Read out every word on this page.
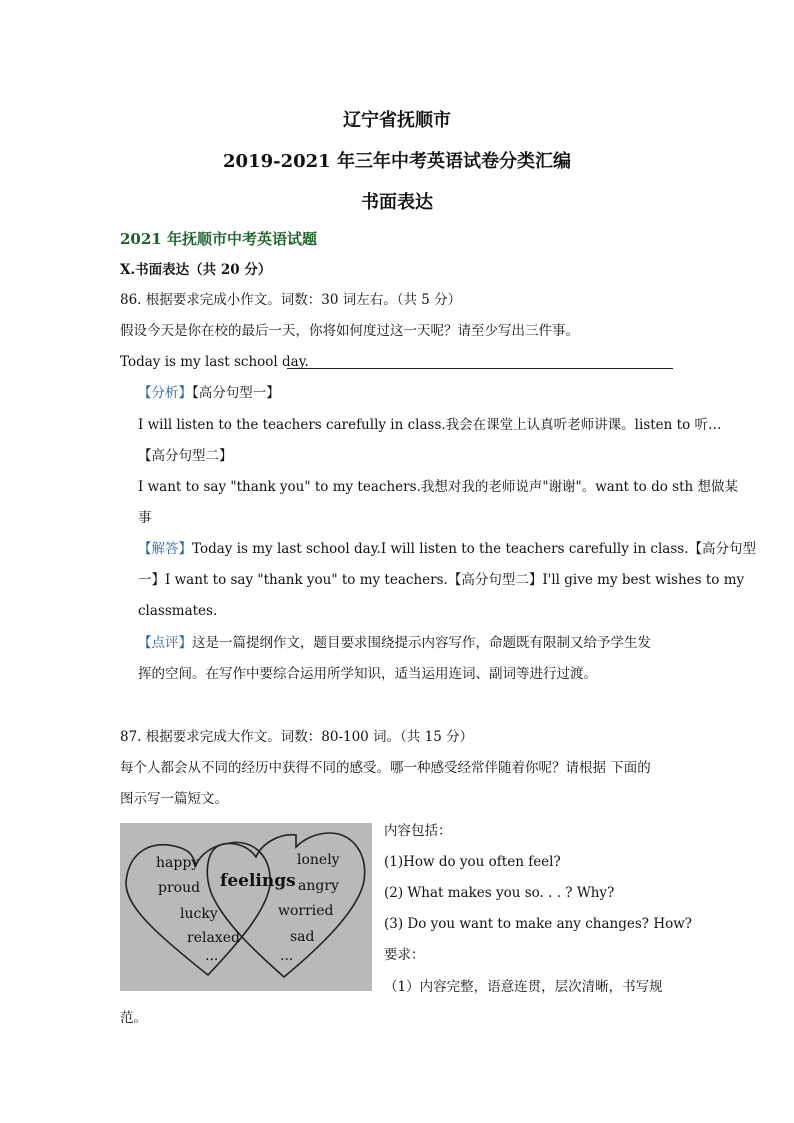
辽宁省抚顺市
2019-2021 年三年中考英语试卷分类汇编
书面表达
2021 年抚顺市中考英语试题
X.书面表达（共 20 分）
86. 根据要求完成小作文。词数：30 词左右。（共 5 分）
假设今天是你在校的最后一天，你将如何度过这一天呢？请至少写出三件事。
Today is my last school day.
【分析】【高分句型一】
I will listen to the teachers carefully in class.我会在课堂上认真听老师讲课。listen to 听…
【高分句型二】
I want to say "thank you" to my teachers.我想对我的老师说声"谢谢"。want to do sth 想做某
事
【解答】Today is my last school day.I will listen to the teachers carefully in class.【高分句型
一】I want to say "thank you" to my teachers.【高分句型二】I'll give my best wishes to my
classmates.
【点评】这是一篇提纲作文，题目要求围绕提示内容写作，命题既有限制又给予学生发
挥的空间。在写作中要综合运用所学知识，适当运用连词、副词等进行过渡。
87. 根据要求完成大作文。词数：80-100 词。（共 15 分）
每个人都会从不同的经历中获得不同的感受。哪一种感受经常伴随着你呢？请根据 下面的
图示写一篇短文。
feelings
happy
proud
lucky
relaxed
...
lonely
angry
worried
sad
...
内容包括：
(1)How do you often feel?
(2) What makes you so. . . ? Why?
(3) Do you want to make any changes? How?
要求：
（1）内容完整，语意连贯，层次清晰，书写规
范。
